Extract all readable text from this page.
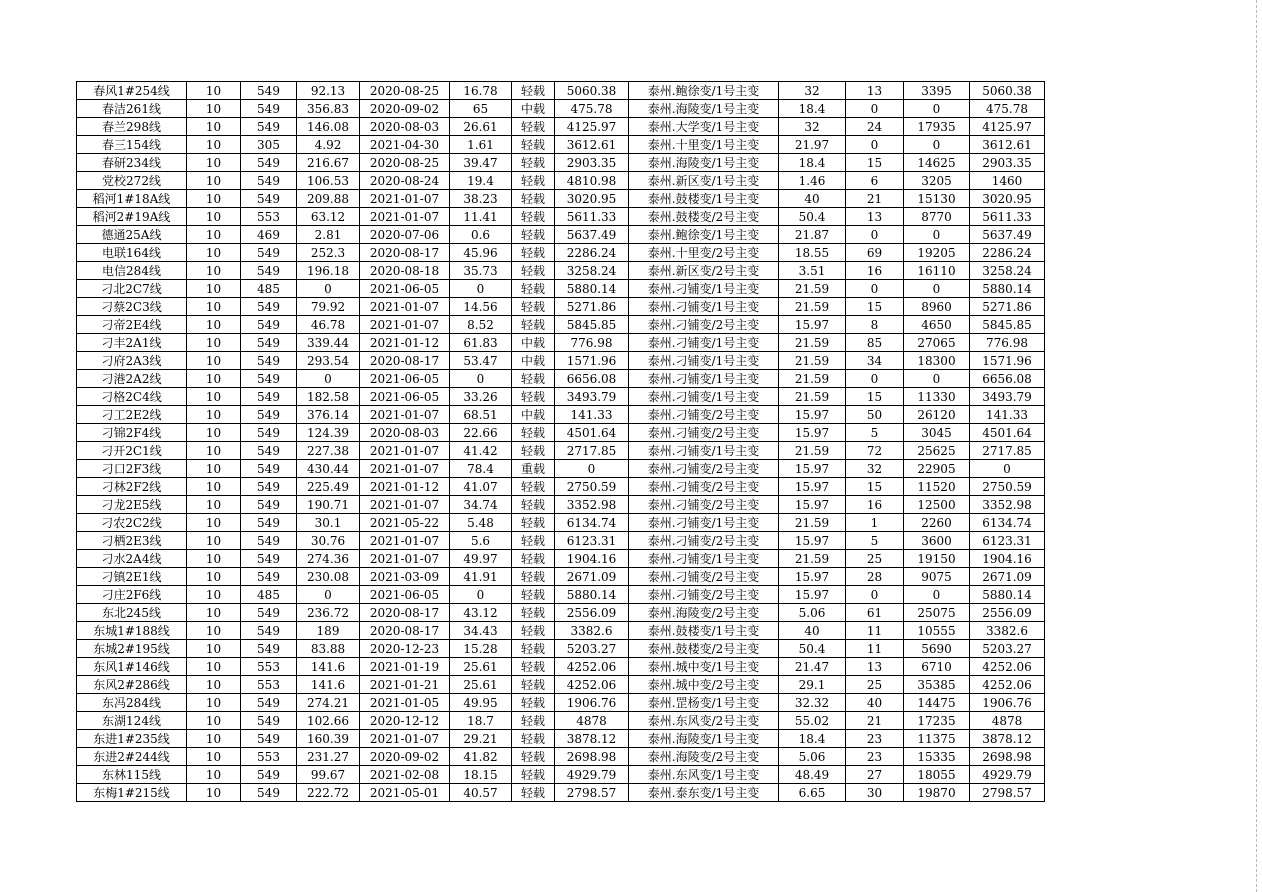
春风1#254线	10	549	92.13	2020-08-25	16.78	轻载	5060.38	泰州.鲍徐变/1号主变	32	13	3395	5060.38
春洁261线	10	549	356.83	2020-09-02	65	中载	475.78	泰州.海陵变/1号主变	18.4	0	0	475.78
春兰298线	10	549	146.08	2020-08-03	26.61	轻载	4125.97	泰州.大学变/1号主变	32	24	17935	4125.97
春三154线	10	305	4.92	2021-04-30	1.61	轻载	3612.61	泰州.十里变/1号主变	21.97	0	0	3612.61
春研234线	10	549	216.67	2020-08-25	39.47	轻载	2903.35	泰州.海陵变/1号主变	18.4	15	14625	2903.35
党校272线	10	549	106.53	2020-08-24	19.4	轻载	4810.98	泰州.新区变/1号主变	1.46	6	3205	1460
稻河1#18A线	10	549	209.88	2021-01-07	38.23	轻载	3020.95	泰州.鼓楼变/1号主变	40	21	15130	3020.95
稻河2#19A线	10	553	63.12	2021-01-07	11.41	轻载	5611.33	泰州.鼓楼变/2号主变	50.4	13	8770	5611.33
德通25A线	10	469	2.81	2020-07-06	0.6	轻载	5637.49	泰州.鲍徐变/1号主变	21.87	0	0	5637.49
电联164线	10	549	252.3	2020-08-17	45.96	轻载	2286.24	泰州.十里变/2号主变	18.55	69	19205	2286.24
电信284线	10	549	196.18	2020-08-18	35.73	轻载	3258.24	泰州.新区变/2号主变	3.51	16	16110	3258.24
刁北2C7线	10	485	0	2021-06-05	0	轻载	5880.14	泰州.刁铺变/1号主变	21.59	0	0	5880.14
刁蔡2C3线	10	549	79.92	2021-01-07	14.56	轻载	5271.86	泰州.刁铺变/1号主变	21.59	15	8960	5271.86
刁帝2E4线	10	549	46.78	2021-01-07	8.52	轻载	5845.85	泰州.刁铺变/2号主变	15.97	8	4650	5845.85
刁丰2A1线	10	549	339.44	2021-01-12	61.83	中载	776.98	泰州.刁铺变/1号主变	21.59	85	27065	776.98
刁府2A3线	10	549	293.54	2020-08-17	53.47	中载	1571.96	泰州.刁铺变/1号主变	21.59	34	18300	1571.96
刁港2A2线	10	549	0	2021-06-05	0	轻载	6656.08	泰州.刁铺变/1号主变	21.59	0	0	6656.08
刁格2C4线	10	549	182.58	2021-06-05	33.26	轻载	3493.79	泰州.刁铺变/1号主变	21.59	15	11330	3493.79
刁工2E2线	10	549	376.14	2021-01-07	68.51	中载	141.33	泰州.刁铺变/2号主变	15.97	50	26120	141.33
刁锦2F4线	10	549	124.39	2020-08-03	22.66	轻载	4501.64	泰州.刁铺变/2号主变	15.97	5	3045	4501.64
刁开2C1线	10	549	227.38	2021-01-07	41.42	轻载	2717.85	泰州.刁铺变/1号主变	21.59	72	25625	2717.85
刁口2F3线	10	549	430.44	2021-01-07	78.4	重载	0	泰州.刁铺变/2号主变	15.97	32	22905	0
刁林2F2线	10	549	225.49	2021-01-12	41.07	轻载	2750.59	泰州.刁铺变/2号主变	15.97	15	11520	2750.59
刁龙2E5线	10	549	190.71	2021-01-07	34.74	轻载	3352.98	泰州.刁铺变/2号主变	15.97	16	12500	3352.98
刁农2C2线	10	549	30.1	2021-05-22	5.48	轻载	6134.74	泰州.刁铺变/1号主变	21.59	1	2260	6134.74
刁栖2E3线	10	549	30.76	2021-01-07	5.6	轻载	6123.31	泰州.刁铺变/2号主变	15.97	5	3600	6123.31
刁水2A4线	10	549	274.36	2021-01-07	49.97	轻载	1904.16	泰州.刁铺变/1号主变	21.59	25	19150	1904.16
刁镇2E1线	10	549	230.08	2021-03-09	41.91	轻载	2671.09	泰州.刁铺变/2号主变	15.97	28	9075	2671.09
刁庄2F6线	10	485	0	2021-06-05	0	轻载	5880.14	泰州.刁铺变/2号主变	15.97	0	0	5880.14
东北245线	10	549	236.72	2020-08-17	43.12	轻载	2556.09	泰州.海陵变/2号主变	5.06	61	25075	2556.09
东城1#188线	10	549	189	2020-08-17	34.43	轻载	3382.6	泰州.鼓楼变/1号主变	40	11	10555	3382.6
东城2#195线	10	549	83.88	2020-12-23	15.28	轻载	5203.27	泰州.鼓楼变/2号主变	50.4	11	5690	5203.27
东风1#146线	10	553	141.6	2021-01-19	25.61	轻载	4252.06	泰州.城中变/1号主变	21.47	13	6710	4252.06
东风2#286线	10	553	141.6	2021-01-21	25.61	轻载	4252.06	泰州.城中变/2号主变	29.1	25	35385	4252.06
东冯284线	10	549	274.21	2021-01-05	49.95	轻载	1906.76	泰州.罡杨变/1号主变	32.32	40	14475	1906.76
东湖124线	10	549	102.66	2020-12-12	18.7	轻载	4878	泰州.东风变/2号主变	55.02	21	17235	4878
东进1#235线	10	549	160.39	2021-01-07	29.21	轻载	3878.12	泰州.海陵变/1号主变	18.4	23	11375	3878.12
东进2#244线	10	553	231.27	2020-09-02	41.82	轻载	2698.98	泰州.海陵变/2号主变	5.06	23	15335	2698.98
东林115线	10	549	99.67	2021-02-08	18.15	轻载	4929.79	泰州.东风变/1号主变	48.49	27	18055	4929.79
东梅1#215线	10	549	222.72	2021-05-01	40.57	轻载	2798.57	泰州.泰东变/1号主变	6.65	30	19870	2798.57
